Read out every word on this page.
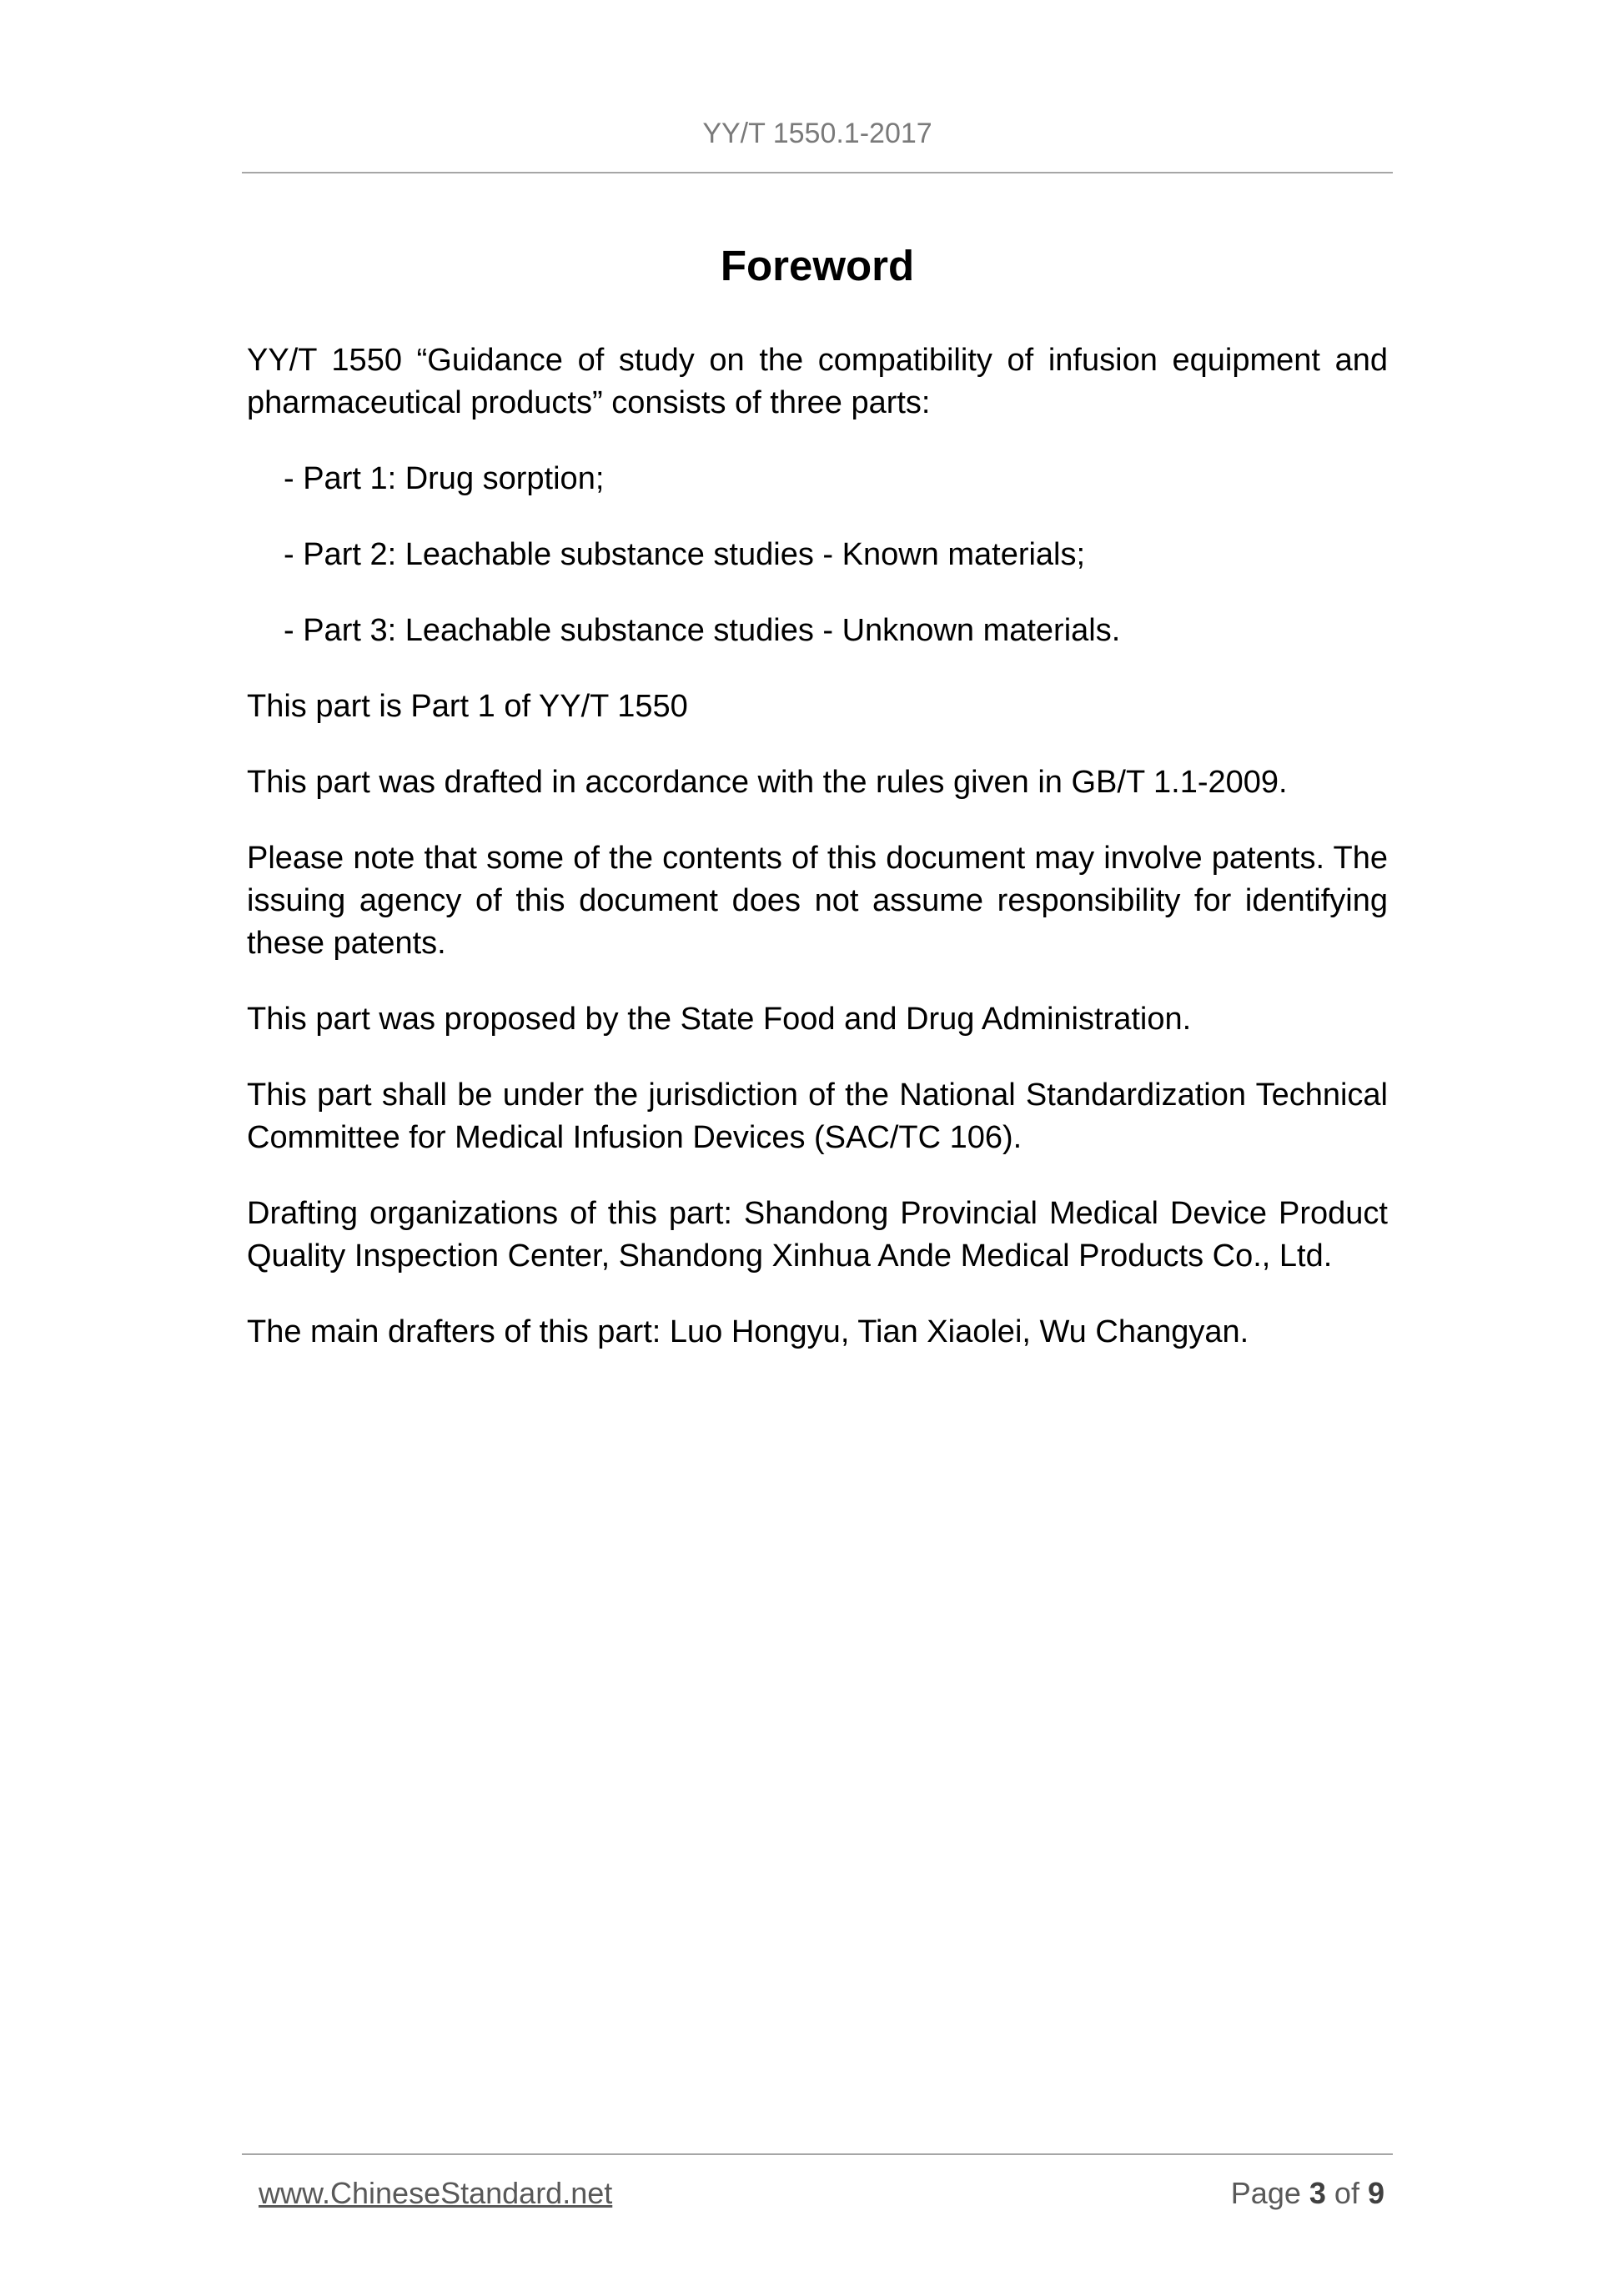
YY/T 1550.1-2017
Foreword

YY/T 1550 “Guidance of study on the compatibility of infusion equipment and pharmaceutical products” consists of three parts:

- Part 1: Drug sorption;

- Part 2: Leachable substance studies - Known materials;

- Part 3: Leachable substance studies - Unknown materials.

This part is Part 1 of YY/T 1550

This part was drafted in accordance with the rules given in GB/T 1.1-2009.

Please note that some of the contents of this document may involve patents. The issuing agency of this document does not assume responsibility for identifying these patents.

This part was proposed by the State Food and Drug Administration.

This part shall be under the jurisdiction of the National Standardization Technical Committee for Medical Infusion Devices (SAC/TC 106).

Drafting organizations of this part: Shandong Provincial Medical Device Product Quality Inspection Center, Shandong Xinhua Ande Medical Products Co., Ltd.

The main drafters of this part: Luo Hongyu, Tian Xiaolei, Wu Changyan.

www.ChineseStandard.net	Page 3 of 9
